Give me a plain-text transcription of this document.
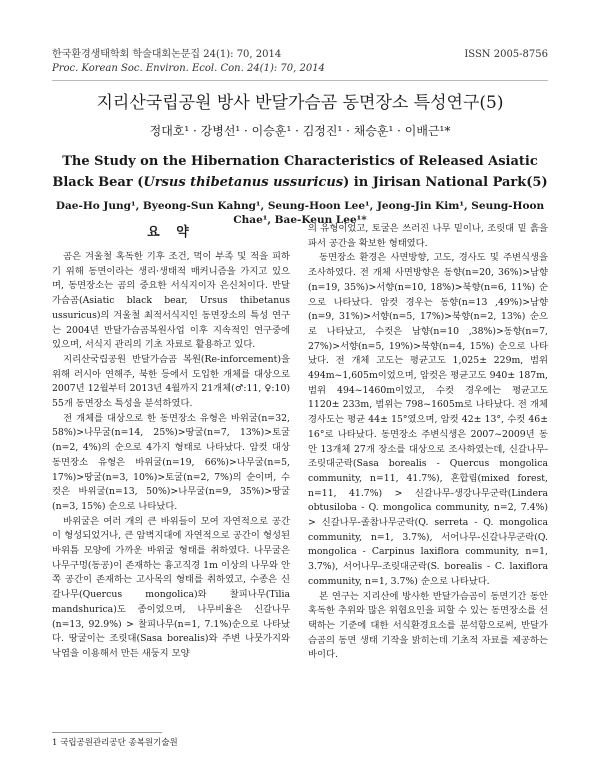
한국환경생태학회 학술대회논문집 24(1): 70, 2014
Proc. Korean Soc. Environ. Ecol. Con. 24(1): 70, 2014
ISSN 2005-8756
지리산국립공원 방사 반달가슴곰 동면장소 특성연구(5)
정대호¹ · 강병선¹ · 이승훈¹ · 김정진¹ · 채승훈¹ · 이배근¹*
The Study on the Hibernation Characteristics of Released Asiatic Black Bear (Ursus thibetanus ussuricus) in Jirisan National Park(5)
Dae-Ho Jung¹, Byeong-Sun Kahng¹, Seung-Hoon Lee¹, Jeong-Jin Kim¹, Seung-Hoon Chae¹, Bae-Keun Lee¹*
요 약

곰은 겨울철 혹독한 기후 조건, 먹이 부족 및 적을 피하기 위해 동면이라는 생리·생태적 매커니즘을 가지고 있으며, 동면장소는 곰의 중요한 서식지이자 은신처이다. 반달가슴곰(Asiatic black bear, Ursus thibetanus ussuricus)의 겨울철 최적서식지인 동면장소의 특성 연구는 2004년 반달가슴곰복원사업 이후 지속적인 연구중에 있으며, 서식지 관리의 기초 자료로 활용하고 있다.

지리산국립공원 반달가슴곰 복원(Re-inforcement)을 위해 러시아 연해주, 북한 등에서 도입한 개체를 대상으로 2007년 12월부터 2013년 4월까지 21개체(♂:11, ♀:10) 55개 동면장소 특성을 분석하였다.

전 개체를 대상으로 한 동면장소 유형은 바위굴(n=32, 58%)>나무굴(n=14, 25%)>땅굴(n=7, 13%)>토굴(n=2, 4%)의 순으로 4가지 형태로 나타났다. 암컷 대상 동면장소 유형은 바위굴(n=19, 66%)>나무굴(n=5, 17%)>땅굴(n=3, 10%)>토굴(n=2, 7%)의 순이며, 수컷은 바위굴(n=13, 50%)>나무굴(n=9, 35%)>땅굴(n=3, 15%) 순으로 나타났다.

바위굴은 여러 개의 큰 바위들이 모여 자연적으로 공간이 형성되었거나, 큰 암벽지대에 자연적으로 공간이 형성된 바위틈 모양에 가까운 바위굴 형태를 취하였다. 나무굴은 나무구멍(동공)이 존재하는 흉고직경 1m 이상의 나무와 안쪽 공간이 존재하는 고사목의 형태를 취하였고, 수종은 신갈나무(Quercus mongolica)와 찰피나무(Tilia mandshurica)도 종이었으며, 나무비율은 신갈나무(n=13, 92.9%) > 찰피나무(n=1, 7.1%)순으로 나타났다. 땅굴이는 조릿대(Sasa borealis)와 주변 나뭇가지와 낙엽을 이용해서 만든 새둥지 모양

의 유형이었고, 토굴은 쓰러진 나무 밑이나, 조릿대 밑 흙을 파서 공간을 확보한 형태였다.

동면장소 환경은 사면방향, 고도, 경사도 및 주변식생을 조사하였다. 전 개체 사면방향은 동향(n=20, 36%)>남향(n=19, 35%)>서향(n=10, 18%)>북향(n=6, 11%) 순으로 나타났다. 암컷 경우는 동향(n=13 ,49%)>남향(n=9, 31%)>서향(n=5, 17%)>북향(n=2, 13%) 순으로 나타났고, 수컷은 남향(n=10 ,38%)>동향(n=7, 27%)>서향(n=5, 19%)>북향(n=4, 15%) 순으로 나타났다. 전 개체 고도는 평균고도 1,025± 229m, 범위 494m~1,605m이었으며, 암컷은 평균고도 940± 187m, 범위 494~1460m이었고, 수컷 경우에는 평균고도 1120± 233m, 범위는 798~1605m로 나타났다. 전 개체 경사도는 평균 44± 15°였으며, 암컷 42± 13°, 수컷 46± 16°로 나타났다. 동면장소 주변식생은 2007~2009년 동안 13개체 27개 장소를 대상으로 조사하였는데, 신갈나무-조릿대군락(Sasa borealis - Quercus mongolica community, n=11, 41.7%), 혼합림(mixed forest, n=11, 41.7%) > 신갈나무-생강나무군락(Lindera obtusiloba - Q. mongolica community, n=2, 7.4%) > 신갈나무-졸참나무군락(Q. serreta - Q. mongolica community, n=1, 3.7%), 서어나무-신갈나무군락(Q. mongolica - Carpinus laxiflora community, n=1, 3.7%), 서어나무-조릿대군락(S. borealis - C. laxiflora community, n=1, 3.7%) 순으로 나타났다.

본 연구는 지리산에 방사한 반달가슴곰이 동면기간 동안 혹독한 추위와 많은 위협요인을 피할 수 있는 동면장소를 선택하는 기준에 대한 서식환경요소를 분석함으로써, 반달가슴곰의 동면 생태 기작을 밝히는데 기초적 자료를 제공하는 바이다.

1 국립공원관리공단 종복원기술원
